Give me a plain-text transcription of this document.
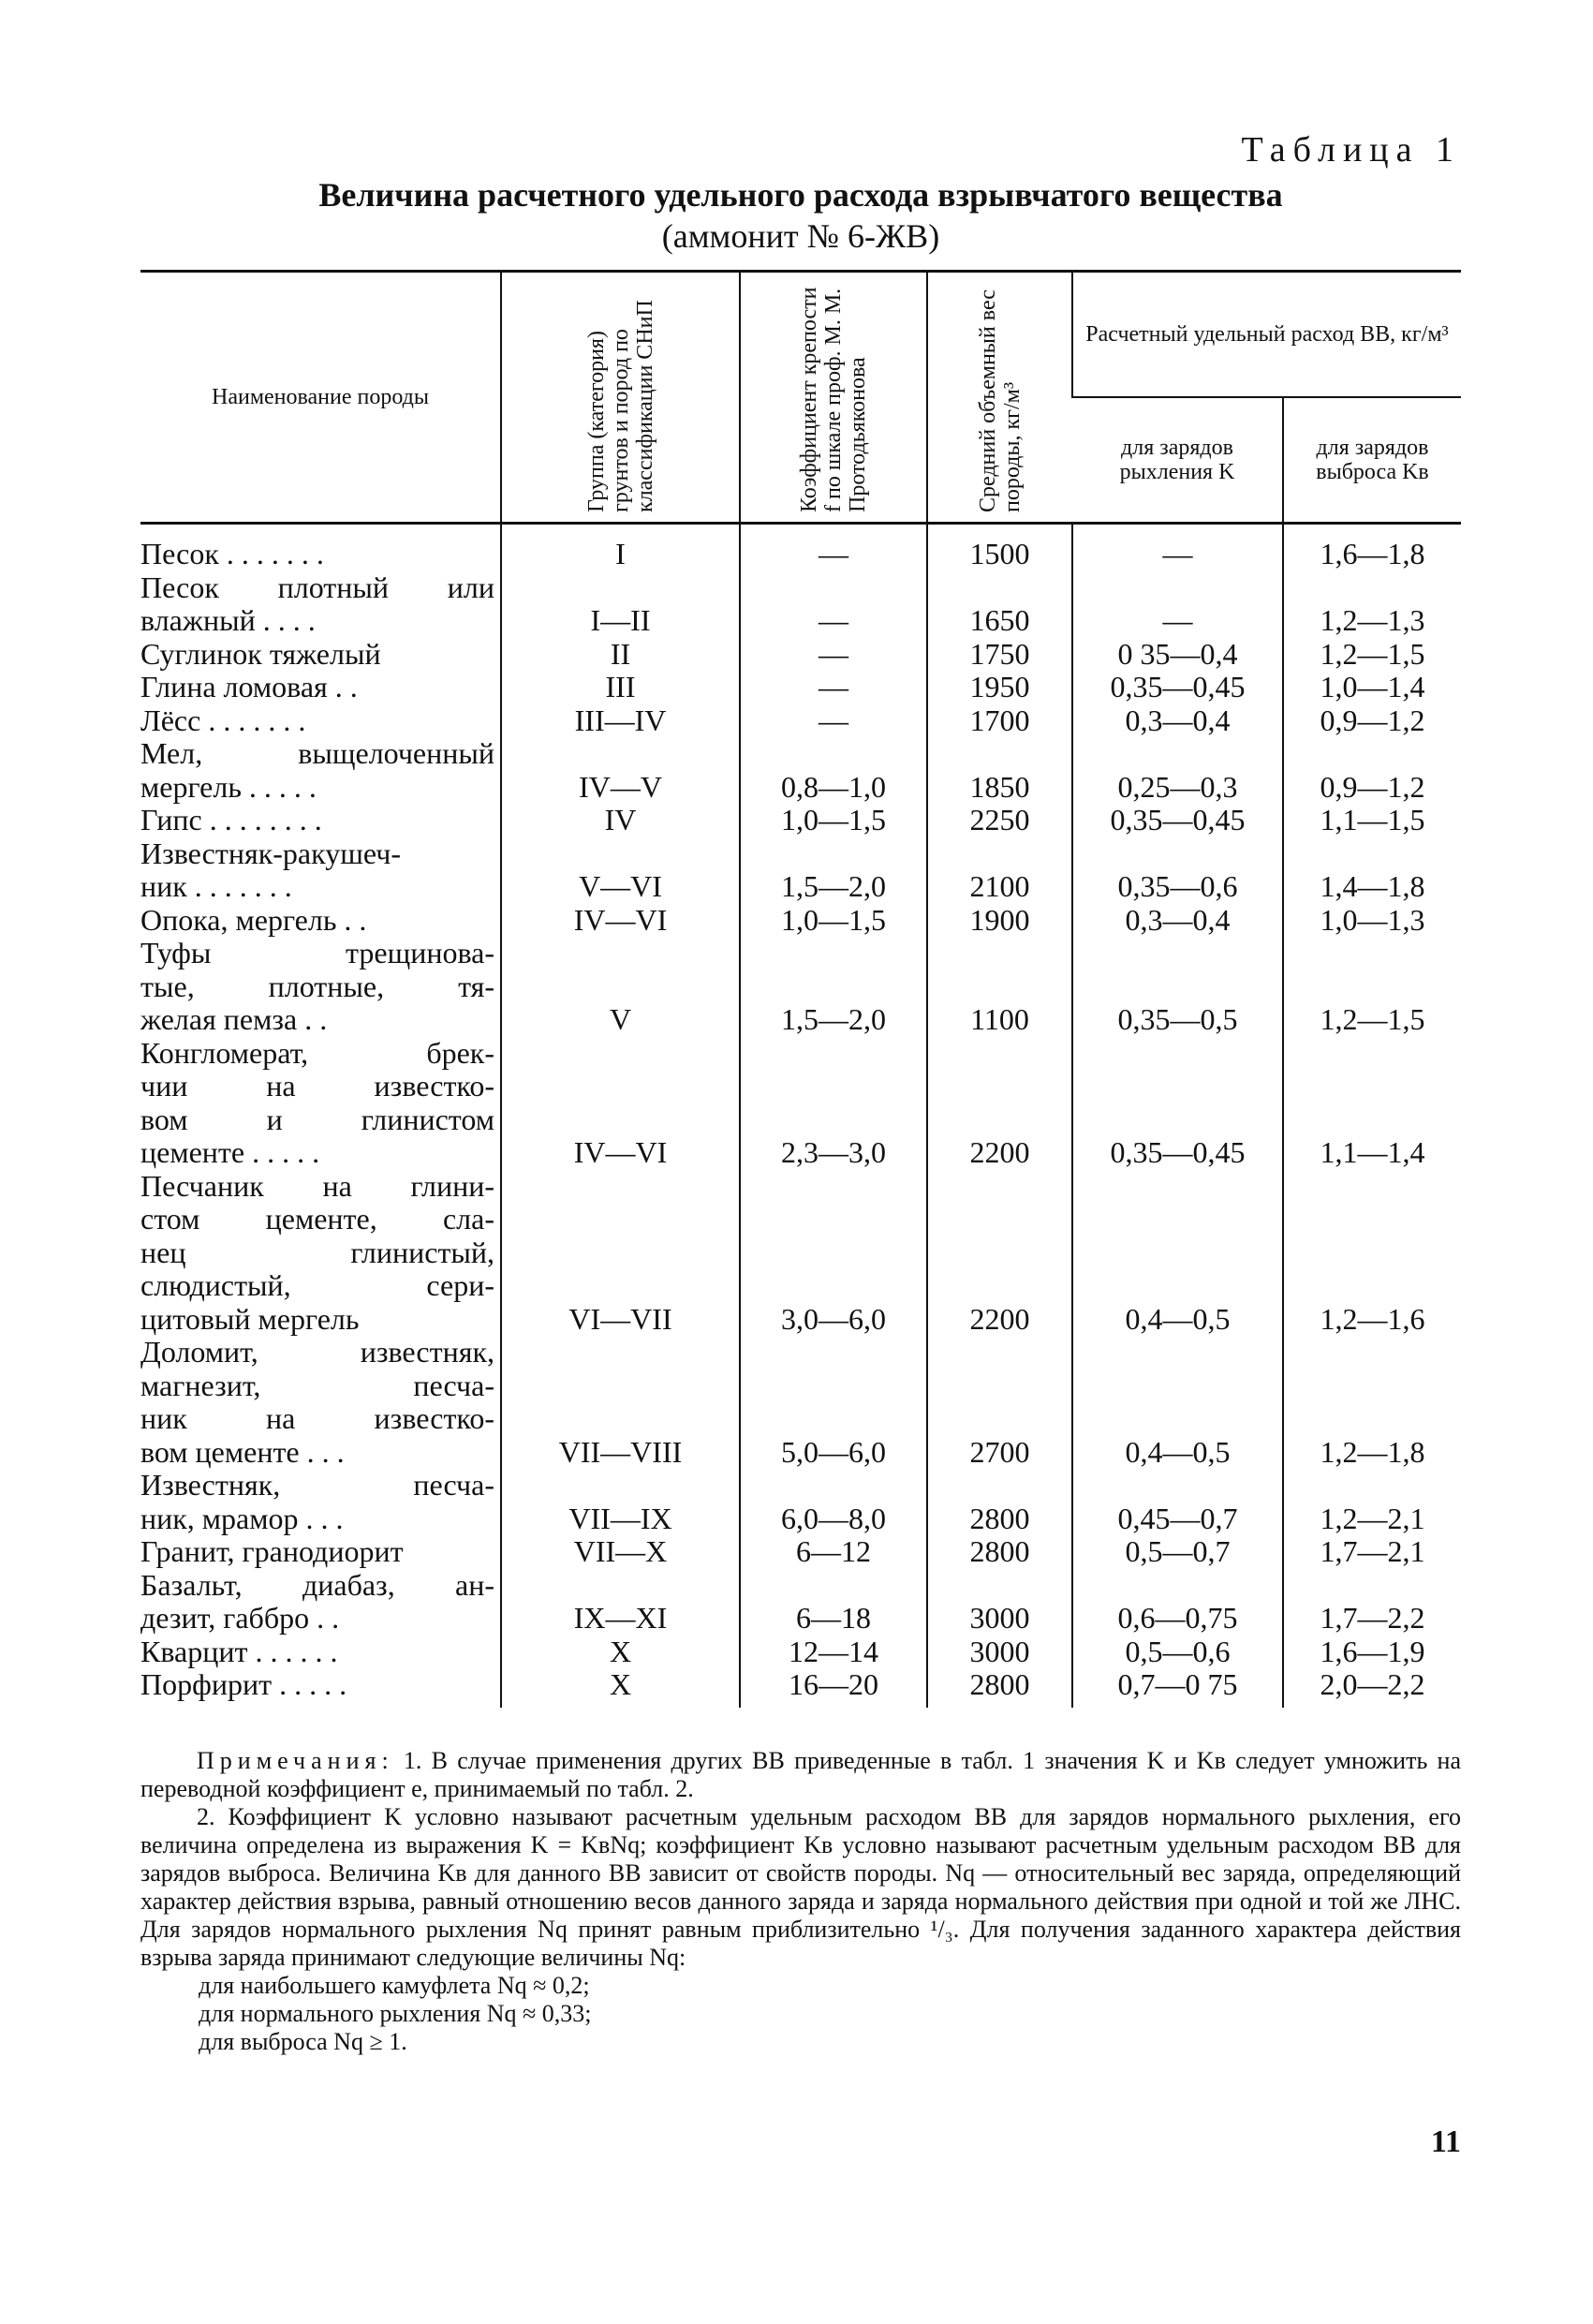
Таблица 1
Величина расчетного удельного расхода взрывчатого вещества
(аммонит № 6-ЖВ)
Наименование породы	Группа (категория) грунтов и пород по классификации СНиП	Коэффициент крепости f по шкале проф. М. М. Протодьяконова	Средний объемный вес породы, кг/м³	Расчетный удельный расход ВВ, кг/м³	
				для зарядов рыхления K	для зарядов выброса Kв

Песок . . . . . . .	I	—	1500	—	1,6—1,8

Песок плотный или
влажный . . . .	I—II	—	1650	—	1,2—1,3

Суглинок тяжелый	II	—	1750	0 35—0,4	1,2—1,5

Глина ломовая . .	III	—	1950	0,35—0,45	1,0—1,4

Лёсс . . . . . . .	III—IV	—	1700	0,3—0,4	0,9—1,2

Мел, выщелоченный
мергель . . . . .	IV—V	0,8—1,0	1850	0,25—0,3	0,9—1,2

Гипс . . . . . . . .	IV	1,0—1,5	2250	0,35—0,45	1,1—1,5

Известняк-ракушеч-
ник . . . . . . .	V—VI	1,5—2,0	2100	0,35—0,6	1,4—1,8

Опока, мергель . .	IV—VI	1,0—1,5	1900	0,3—0,4	1,0—1,3

Туфы трещинова-
тые, плотные, тя-
желая пемза . .	V	1,5—2,0	1100	0,35—0,5	1,2—1,5

Конгломерат, брек-
чии на известко-
вом и глинистом
цементе . . . . .	IV—VI	2,3—3,0	2200	0,35—0,45	1,1—1,4

Песчаник на глини-
стом цементе, сла-
нец глинистый,
слюдистый, сери-
цитовый мергель	VI—VII	3,0—6,0	2200	0,4—0,5	1,2—1,6

Доломит, известняк,
магнезит, песча-
ник на известко-
вом цементе . . .	VII—VIII	5,0—6,0	2700	0,4—0,5	1,2—1,8

Известняк, песча-
ник, мрамор . . .	VII—IX	6,0—8,0	2800	0,45—0,7	1,2—2,1

Гранит, гранодиорит	VII—X	6—12	2800	0,5—0,7	1,7—2,1

Базальт, диабаз, ан-
дезит, габбро . .	IX—XI	6—18	3000	0,6—0,75	1,7—2,2

Кварцит . . . . . .	X	12—14	3000	0,5—0,6	1,6—1,9

Порфирит . . . . .	X	16—20	2800	0,7—0 75	2,0—2,2

Примечания: 1. В случае применения других ВВ приведенные в табл. 1 значения K и Kв следует умножить на переводной коэффициент e, принимаемый по табл. 2.

2. Коэффициент K условно называют расчетным удельным расходом ВВ для зарядов нормального рыхления, его величина определена из выражения K = KвNq; коэффициент Kв условно называют расчетным удельным расходом ВВ для зарядов выброса. Величина Kв для данного ВВ зависит от свойств породы. Nq — относительный вес заряда, определяющий характер действия взрыва, равный отношению весов данного заряда и заряда нормального действия при одной и той же ЛНС. Для зарядов нормального рыхления Nq принят равным приблизительно ¹/₃. Для получения заданного характера действия взрыва заряда принимают следующие величины Nq:

для наибольшего камуфлета Nq ≈ 0,2;

для нормального рыхления Nq ≈ 0,33;

для выброса Nq ≥ 1.

11
